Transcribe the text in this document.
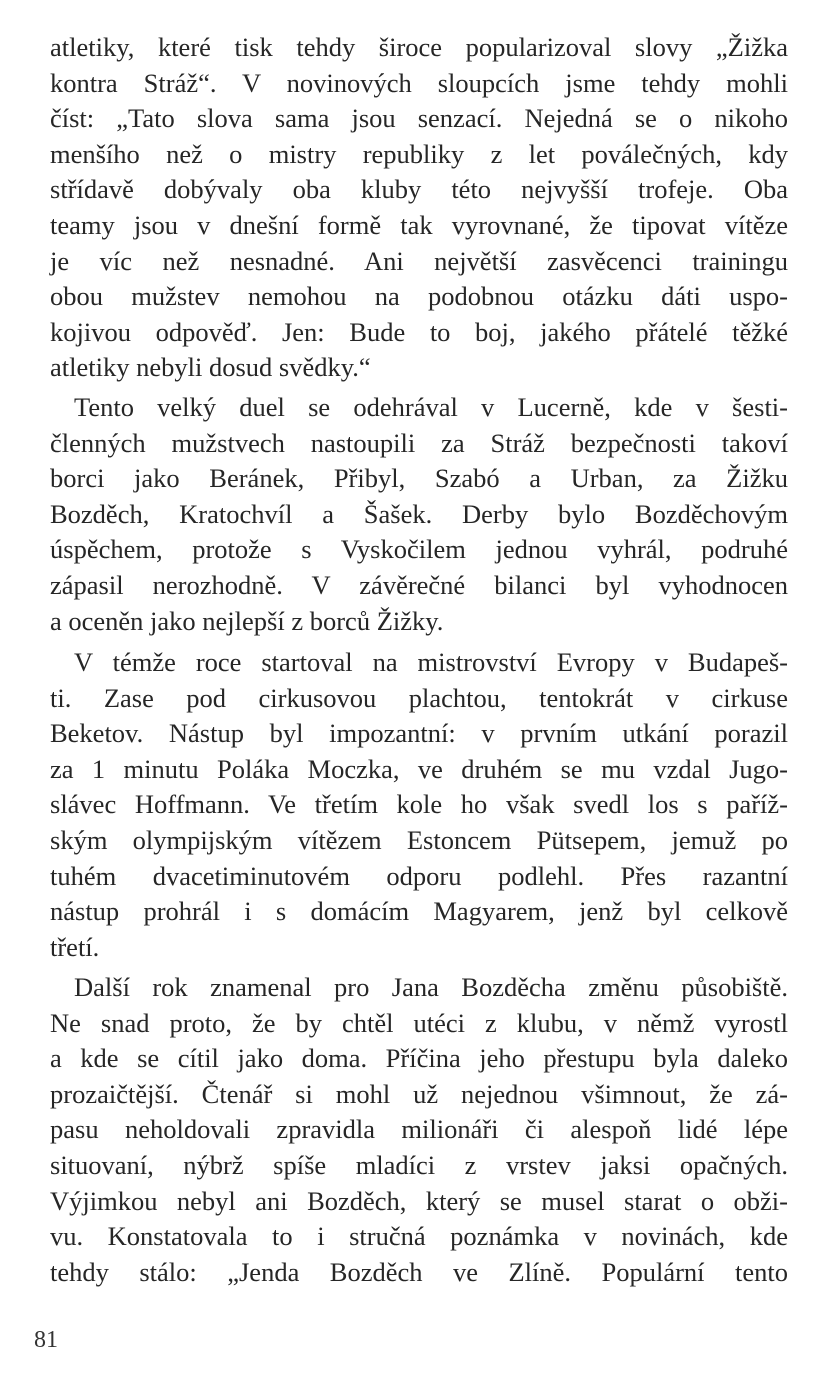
atletiky, které tisk tehdy široce popularizoval slovy „Žižka
kontra Stráž“. V novinových sloupcích jsme tehdy mohli
číst: „Tato slova sama jsou senzací. Nejedná se o nikoho
menšího než o mistry republiky z let poválečných, kdy
střídavě dobývaly oba kluby této nejvyšší trofeje. Oba
teamy jsou v dnešní formě tak vyrovnané, že tipovat vítěze
je víc než nesnadné. Ani největší zasvěcenci trainingu
obou mužstev nemohou na podobnou otázku dáti uspo-
kojivou odpověď. Jen: Bude to boj, jakého přátelé těžké
atletiky nebyli dosud svědky.“
Tento velký duel se odehrával v Lucerně, kde v šesti-
členných mužstvech nastoupili za Stráž bezpečnosti takoví
borci jako Beránek, Přibyl, Szabó a Urban, za Žižku
Bozděch, Kratochvíl a Šašek. Derby bylo Bozděchovým
úspěchem, protože s Vyskočilem jednou vyhrál, podruhé
zápasil nerozhodně. V závěrečné bilanci byl vyhodnocen
a oceněn jako nejlepší z borců Žižky.
V témže roce startoval na mistrovství Evropy v Budapeš-
ti. Zase pod cirkusovou plachtou, tentokrát v cirkuse
Beketov. Nástup byl impozantní: v prvním utkání porazil
za 1 minutu Poláka Moczka, ve druhém se mu vzdal Jugo-
slávec Hoffmann. Ve třetím kole ho však svedl los s paříž-
ským olympijským vítězem Estoncem Pütsepem, jemuž po
tuhém dvacetiminutovém odporu podlehl. Přes razantní
nástup prohrál i s domácím Magyarem, jenž byl celkově
třetí.
Další rok znamenal pro Jana Bozděcha změnu působiště.
Ne snad proto, že by chtěl utéci z klubu, v němž vyrostl
a kde se cítil jako doma. Příčina jeho přestupu byla daleko
prozaičtější. Čtenář si mohl už nejednou všimnout, že zá-
pasu neholdovali zpravidla milionáři či alespoň lidé lépe
situovaní, nýbrž spíše mladíci z vrstev jaksi opačných.
Výjimkou nebyl ani Bozděch, který se musel starat o obži-
vu. Konstatovala to i stručná poznámka v novinách, kde
tehdy stálo: „Jenda Bozděch ve Zlíně. Populární tento
81
